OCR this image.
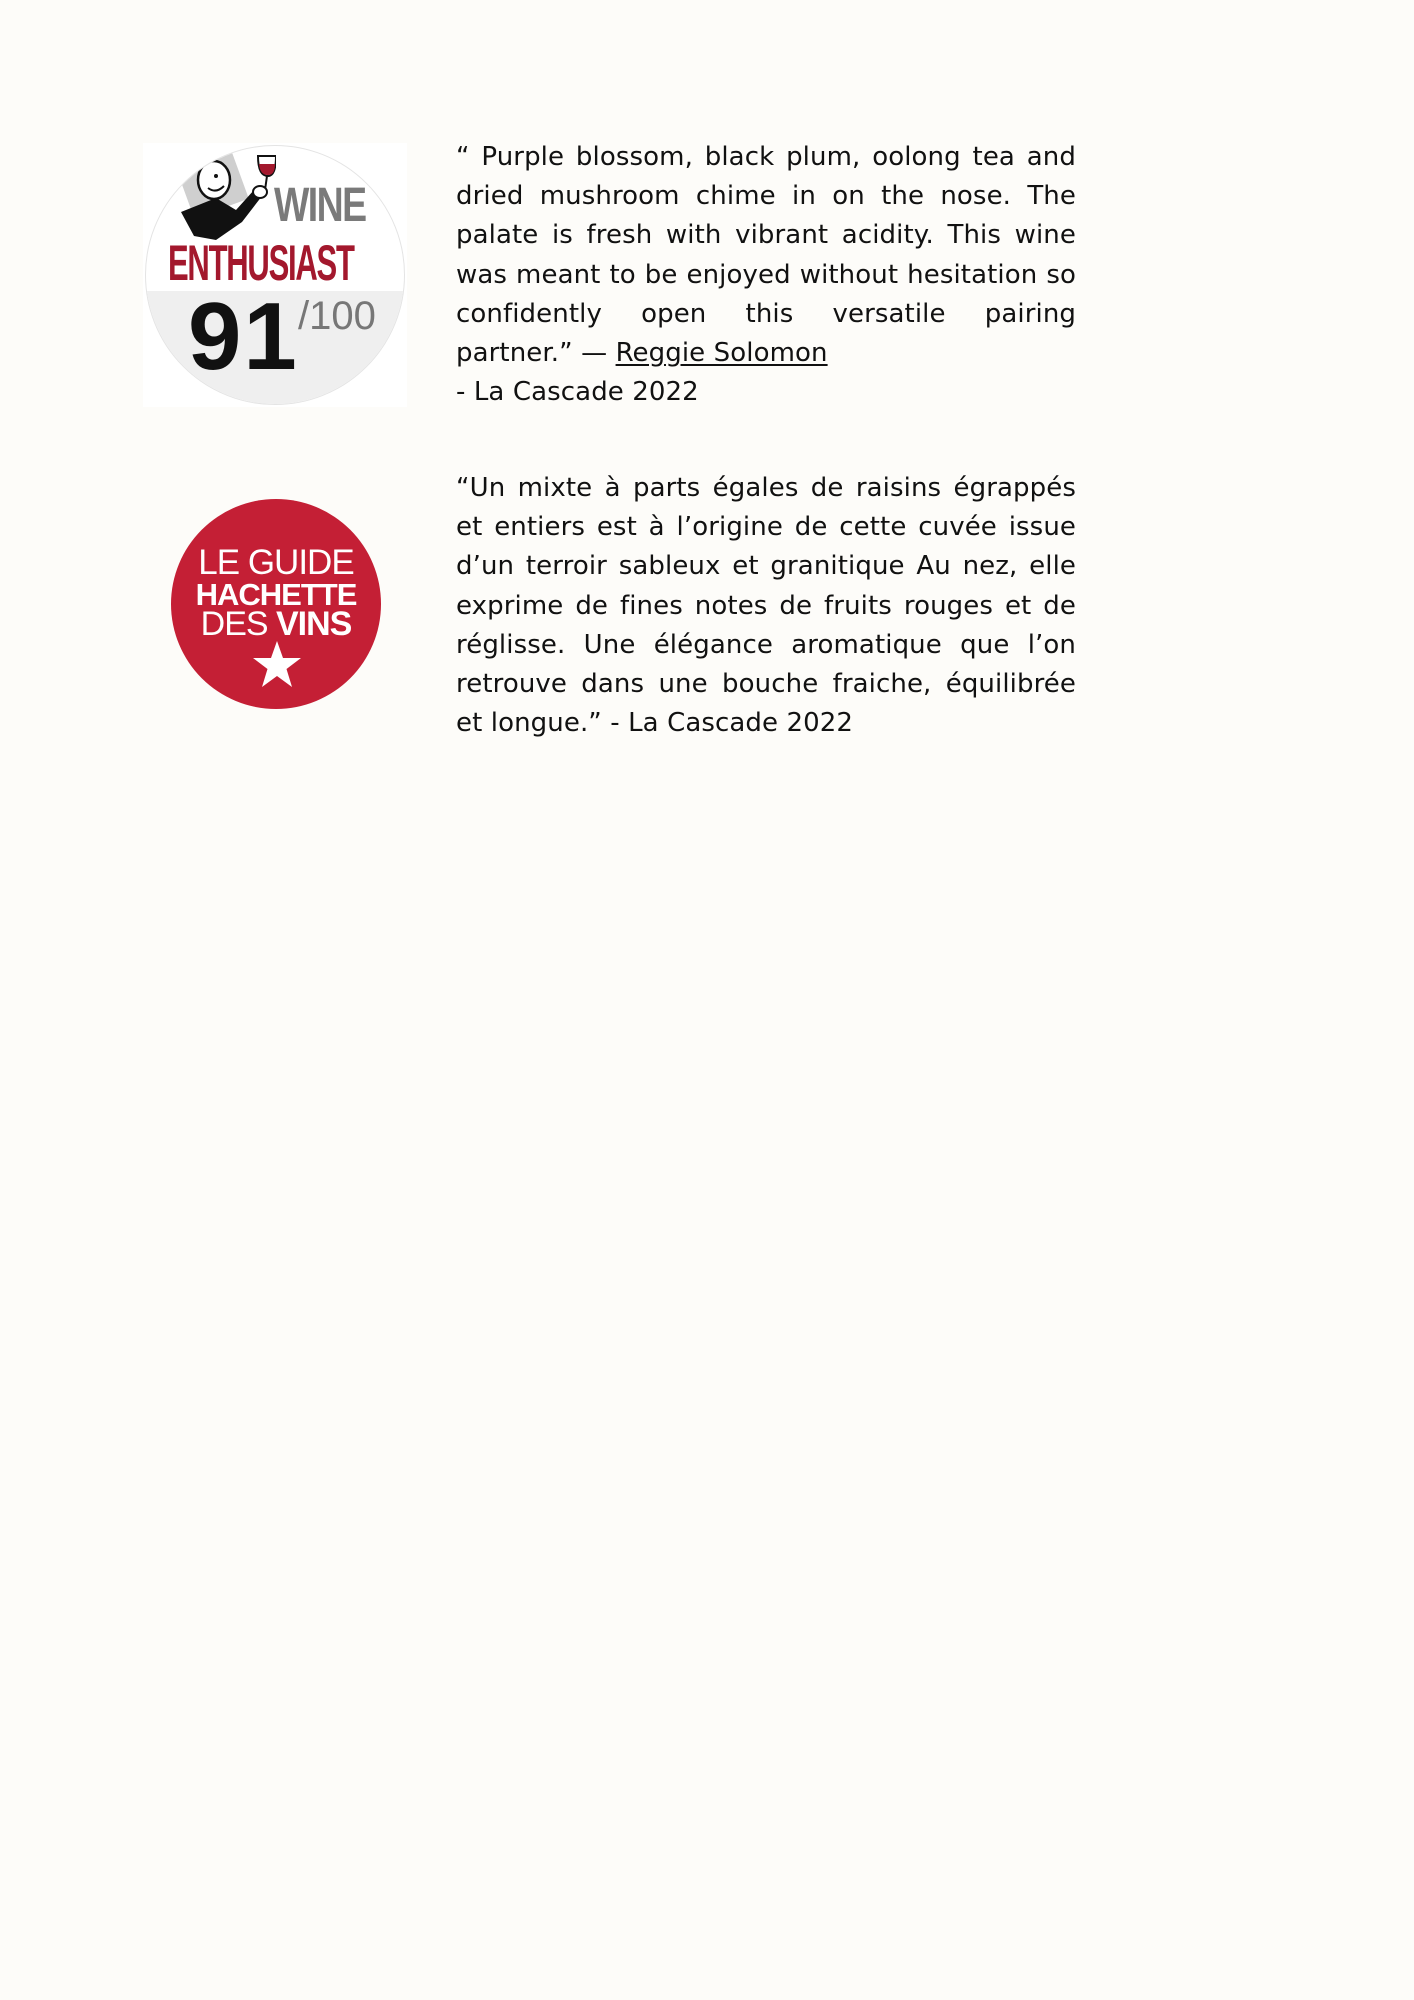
WINE
ENTHUSIAST
91 /100
“ Purple blossom, black plum, oolong tea and dried mushroom chime in on the nose. The palate is fresh with vibrant acidity. This wine was meant to be enjoyed without hesitation so confidently open this versatile pairing partner.” — Reggie Solomon
- La Cascade 2022
LE GUIDE
HACHETTE
DES VINS
“Un mixte à parts égales de raisins égrappés et entiers est à l’origine de cette cuvée issue d’un terroir sableux et granitique Au nez, elle exprime de fines notes de fruits rouges et de réglisse. Une élégance aromatique que l’on retrouve dans une bouche fraiche, équilibrée et longue.” - La Cascade 2022
